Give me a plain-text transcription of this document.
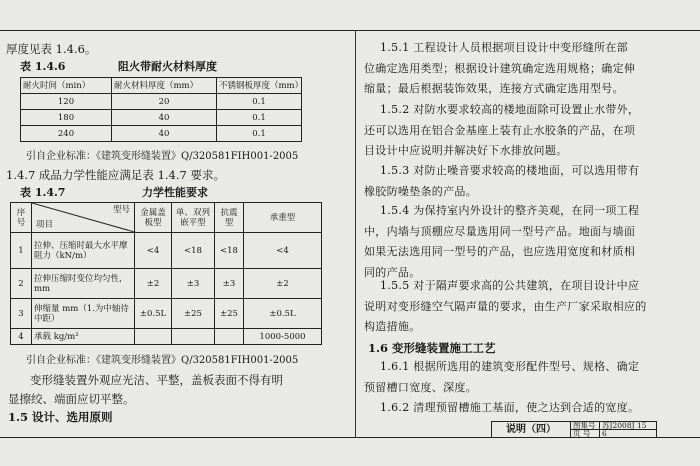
厚度见表 1.4.6。
表 1.4.6	阻火带耐火材料厚度
耐火时间（min）	耐火材料厚度（mm）	不锈钢板厚度（mm）
120	20	0.1
180	40	0.1
240	40	0.1
引自企业标准：《建筑变形缝装置》Q/320581FIH001-2005
1.4.7 成品力学性能应满足表 1.4.7 要求。
表 1.4.7	力学性能要求
序号	型号
项目	金属盖板型	单、双列嵌平型	抗震型	承重型
1	拉伸、压缩时最大水平摩阻力（kN/m）	<4	<18	<18	<4
2	拉伸压缩时变位均匀性，mm	±2	±3	±3	±2
3	伸缩量 mm（1.为中轴待中距）	±0.5L	±25	±25	±0.5L
4	承载 kg/m²				1000-5000
引自企业标准：《建筑变形缝装置》Q/320581FIH001-2005
变形缝装置外观应光洁、平整，盖板表面不得有明
显擦绞、端面应切平整。
1.5 设计、选用原则
1.5.1 工程设计人员根据项目设计中变形缝所在部
位确定选用类型；根据设计建筑确定选用规格；确定伸
缩量；最后根据装饰效果，连接方式确定选用型号。
1.5.2 对防水要求较高的楼地面除可设置止水带外，
还可以选用在铝合金基座上装有止水胶条的产品，在项
目设计中应说明并解决好下水排放问题。
1.5.3 对防止噪音要求较高的楼地面，可以选用带有
橡胶防噪垫条的产品。
1.5.4 为保持室内外设计的整齐美观，在同一项工程
中，内墙与顶棚应尽量选用同一型号产品。地面与墙面
如果无法选用同一型号的产品，也应选用宽度和材质相
同的产品。
1.5.5 对于隔声要求高的公共建筑，在项目设计中应
说明对变形缝空气隔声量的要求，由生产厂家采取相应的
构造措施。
1.6 变形缝装置施工工艺
1.6.1 根据所选用的建筑变形配件型号、规格、确定
预留槽口宽度、深度。
1.6.2 清理预留槽施工基面，使之达到合适的宽度。
说明（四）	图集号	苏J2008J 15
	页 号	6
